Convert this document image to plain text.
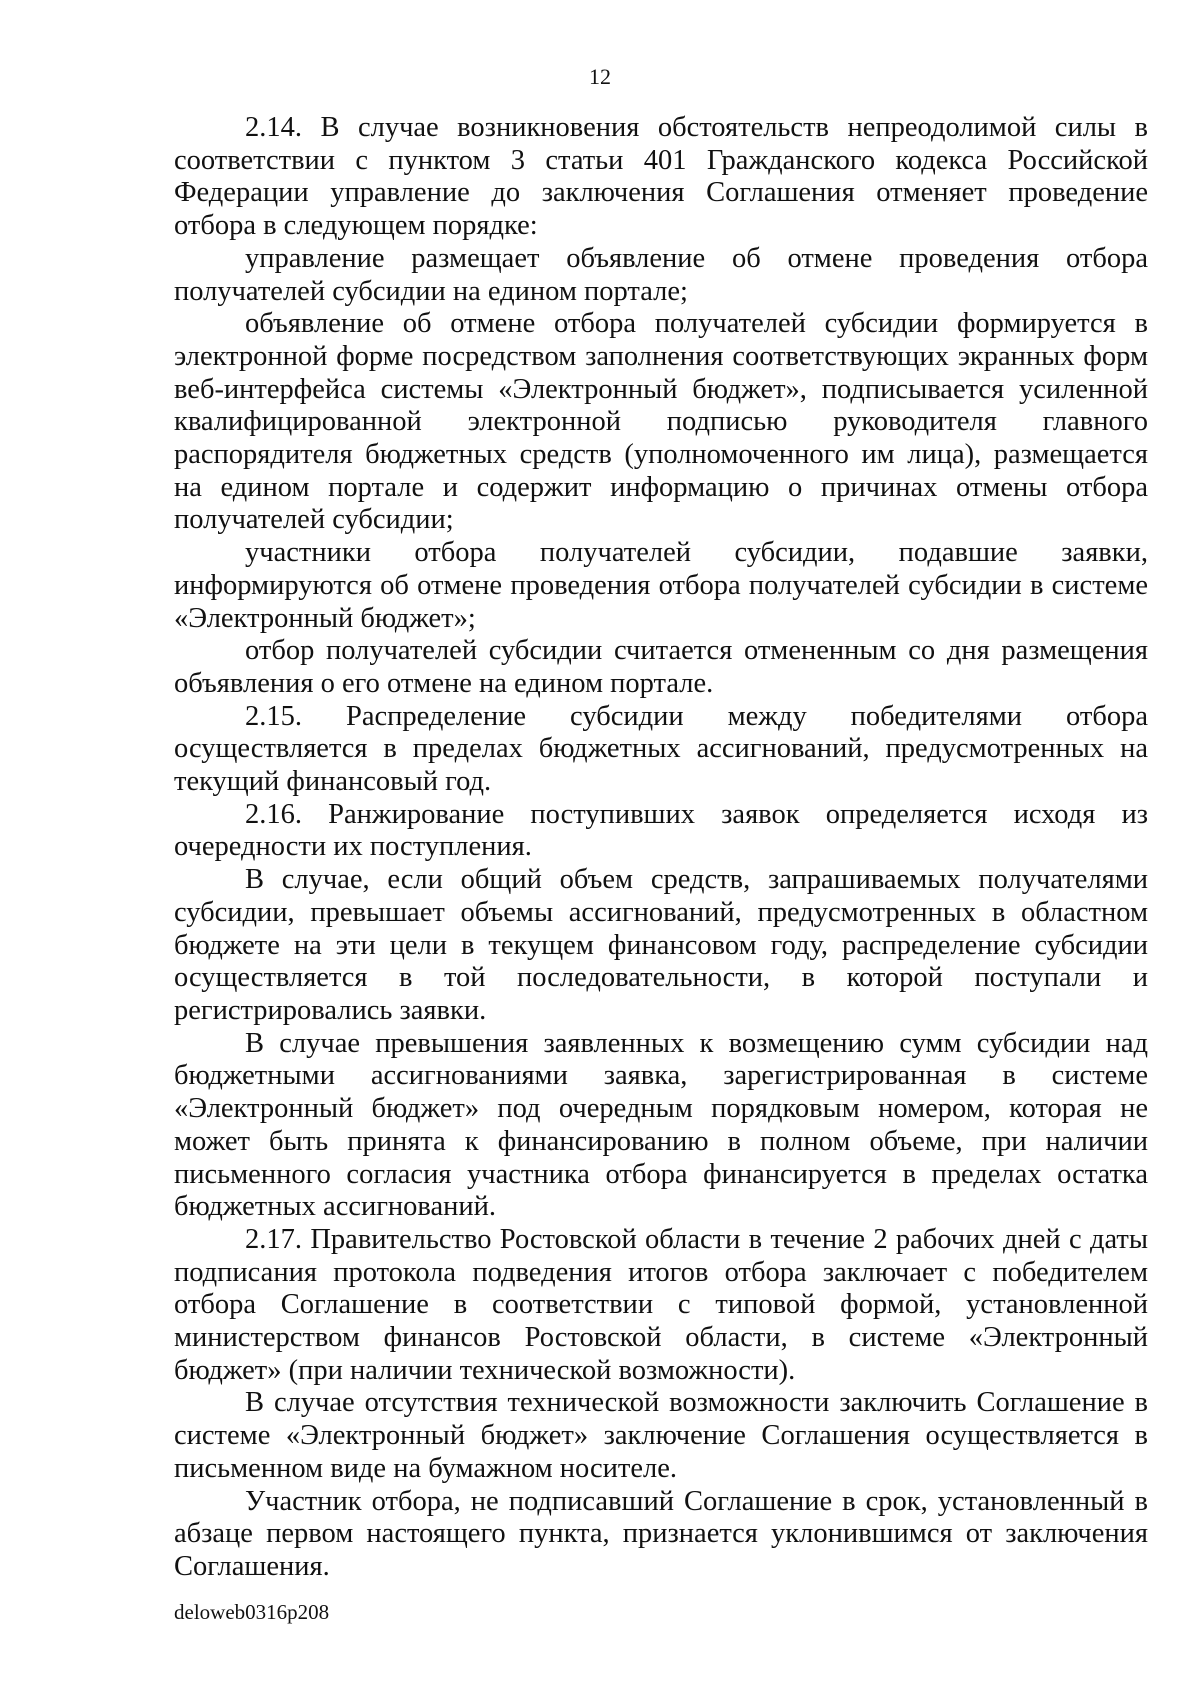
12

2.14. В случае возникновения обстоятельств непреодолимой силы в соответствии с пунктом 3 статьи 401 Гражданского кодекса Российской Федерации управление до заключения Соглашения отменяет проведение отбора в следующем порядке:

управление размещает объявление об отмене проведения отбора получателей субсидии на едином портале;

объявление об отмене отбора получателей субсидии формируется в электронной форме посредством заполнения соответствующих экранных форм веб-интерфейса системы «Электронный бюджет», подписывается усиленной квалифицированной электронной подписью руководителя главного распорядителя бюджетных средств (уполномоченного им лица), размещается на едином портале и содержит информацию о причинах отмены отбора получателей субсидии;

участники отбора получателей субсидии, подавшие заявки, информируются об отмене проведения отбора получателей субсидии в системе «Электронный бюджет»;

отбор получателей субсидии считается отмененным со дня размещения объявления о его отмене на едином портале.

2.15. Распределение субсидии между победителями отбора осуществляется в пределах бюджетных ассигнований, предусмотренных на текущий финансовый год.

2.16. Ранжирование поступивших заявок определяется исходя из очередности их поступления.

В случае, если общий объем средств, запрашиваемых получателями субсидии, превышает объемы ассигнований, предусмотренных в областном бюджете на эти цели в текущем финансовом году, распределение субсидии осуществляется в той последовательности, в которой поступали и регистрировались заявки.

В случае превышения заявленных к возмещению сумм субсидии над бюджетными ассигнованиями заявка, зарегистрированная в системе «Электронный бюджет» под очередным порядковым номером, которая не может быть принята к финансированию в полном объеме, при наличии письменного согласия участника отбора финансируется в пределах остатка бюджетных ассигнований.

2.17. Правительство Ростовской области в течение 2 рабочих дней с даты подписания протокола подведения итогов отбора заключает с победителем отбора Соглашение в соответствии с типовой формой, установленной министерством финансов Ростовской области, в системе «Электронный бюджет» (при наличии технической возможности).

В случае отсутствия технической возможности заключить Соглашение в системе «Электронный бюджет» заключение Соглашения осуществляется в письменном виде на бумажном носителе.

Участник отбора, не подписавший Соглашение в срок, установленный в абзаце первом настоящего пункта, признается уклонившимся от заключения Соглашения.

deloweb0316p208
